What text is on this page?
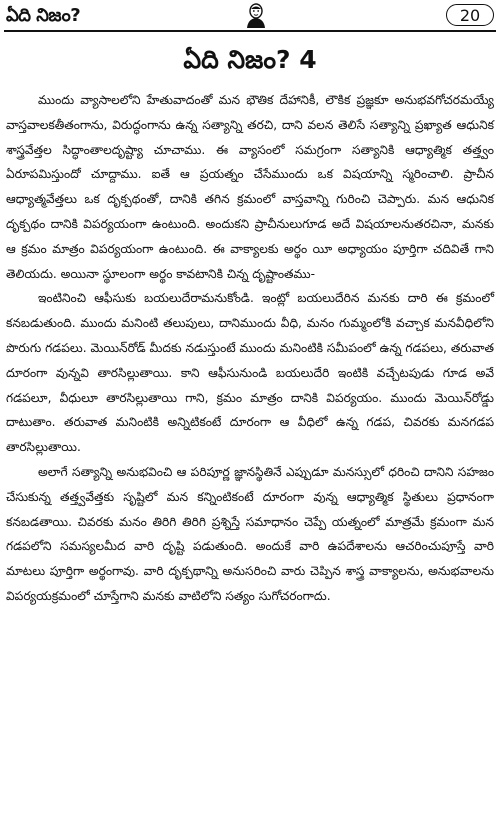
ఏది నిజం?	20
ఏది నిజం? 4

ముందు వ్యాసాలలోని హేతువాదంతో మన భౌతిక దేహానికీ, లౌకిక ప్రజ్ఞకూ అనుభవగోచరమయ్యే వాస్తవాలకతీతంగాను, విరుద్ధంగాను ఉన్న సత్యాన్ని తరచి, దాని వలన తెలిసే సత్యాన్ని ప్రఖ్యాత ఆధునిక శాస్త్రవేత్తల సిద్ధాంతాలదృష్ట్యా చూచాము. ఈ వ్యాసంలో సమగ్రంగా సత్యానికి ఆధ్యాత్మిక తత్త్వం ఏరూపమిస్తుందో చూద్దాము. ఐతే ఆ ప్రయత్నం చేసేముందు ఒక విషయాన్ని స్మరించాలి. ప్రాచీన ఆధ్యాత్మవేత్తలు ఒక దృక్పథంతో, దానికి తగిన క్రమంలో వాస్తవాన్ని గురించి చెప్పారు. మన ఆధునిక దృక్పథం దానికి విపర్యయంగా ఉంటుంది. అందుకని ప్రాచీనులుగూడ అదే విషయాలనుతరచినా, మనకు ఆ క్రమం మాత్రం విపర్యయంగా ఉంటుంది. ఈ వాక్యాలకు అర్థం యీ అధ్యాయం పూర్తిగా చదివితే గాని తెలియదు. అయినా స్థూలంగా అర్థం కావటానికి చిన్న దృష్టాంతము-

ఇంటినించి ఆఫీసుకు బయలుదేరామనుకోండి. ఇంట్లో బయలుదేరిన మనకు దారి ఈ క్రమంలో కనబడుతుంది. ముందు మనింటి తలుపులు, దానిముందు వీధి, మనం గుమ్మంలోకి వచ్చాక మనవీధిలోని పొరుగు గడపలు. మెయిన్‌రోడ్ మీదకు నడుస్తుంటే ముందు మనింటికి సమీపంలో ఉన్న గడపలు, తరువాత దూరంగా వున్నవి తారసిల్లుతాయి. కాని ఆఫీసునుండి బయలుదేరి ఇంటికి వచ్చేటపుడు గూడ అవే గడపలూ, వీధులూ తారసిల్లుతాయి గాని, క్రమం మాత్రం దానికి విపర్యయం. ముందు మెయిన్‌రోడ్డు దాటుతాం. తరువాత మనింటికి అన్నిటికంటే దూరంగా ఆ వీధిలో ఉన్న గడప, చివరకు మనగడప తారసిల్లుతాయి.

అలాగే సత్యాన్ని అనుభవించి ఆ పరిపూర్ణ జ్ఞానస్థితినే ఎప్పుడూ మనస్సులో ధరించి దానిని సహజం చేసుకున్న తత్త్వవేత్తకు సృష్టిలో మన కన్నింటికంటే దూరంగా వున్న ఆధ్యాత్మిక స్థితులు ప్రధానంగా కనబడతాయి. చివరకు మనం తిరిగి తిరిగి ప్రశ్నిస్తే సమాధానం చెప్పే యత్నంలో మాత్రమే క్రమంగా మన గడపలోని సమస్యలమీద వారి దృష్టి పడుతుంది. అందుకే వారి ఉపదేశాలను ఆచరించుపూస్తే వారి మాటలు పూర్తిగా అర్థంగావు. వారి దృక్పథాన్ని అనుసరించి వారు చెప్పిన శాస్త్ర వాక్యాలను, అనుభవాలను విపర్యయక్రమంలో చూస్తేగాని మనకు వాటిలోని సత్యం సుగోచరంగాదు.
